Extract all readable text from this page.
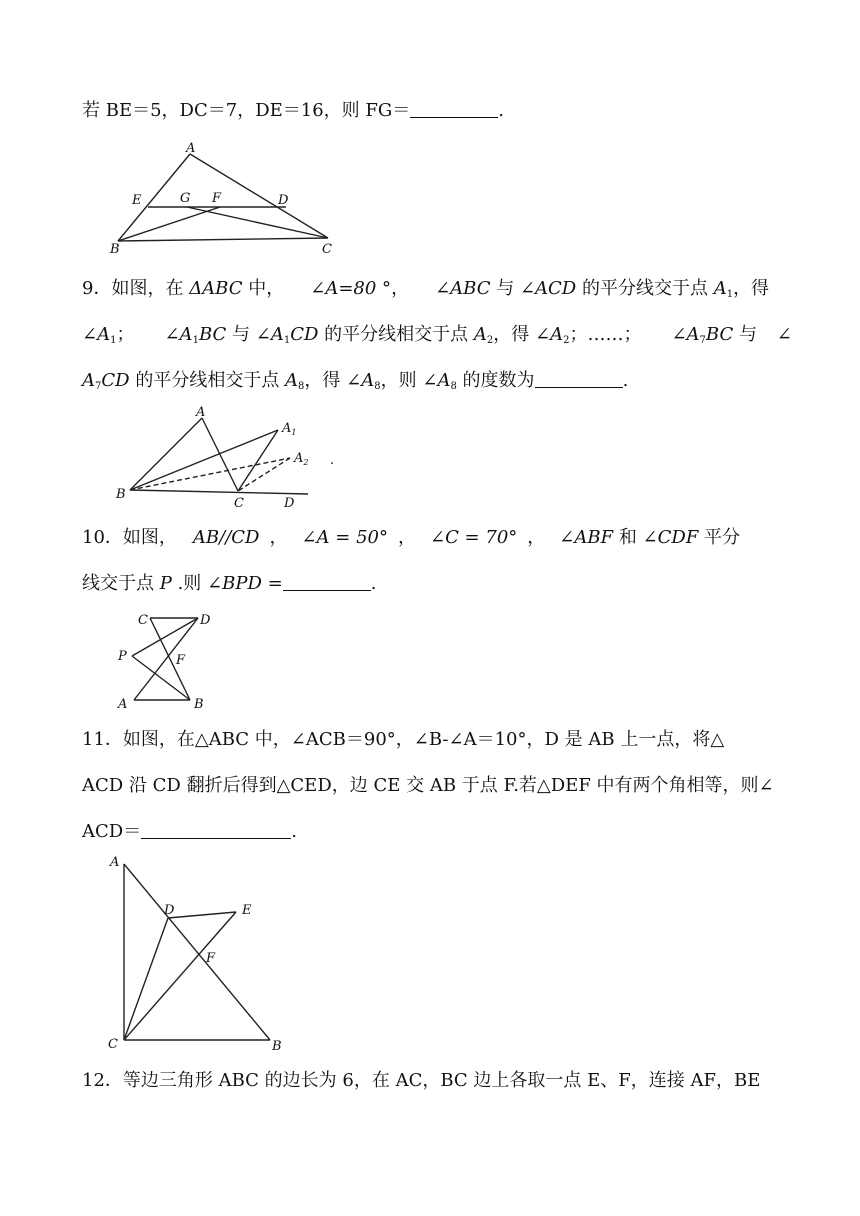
若 BE＝5，DC＝7，DE＝16，则 FG＝	.
A
B	C
D
E	F
G
9．如图，在 ΔABC 中， ∠A=80 °， ∠ABC 与 ∠ACD 的平分线交于点 $A_1$，得
$\angle A_1$； $\angle A_1BC$ 与 $\angle A_1CD$ 的平分线相交于点 $A_2$，得 $\angle A_2$；……； $\angle A_7BC$ 与 ∠
$A_7CD$ 的平分线相交于点 $A_8$，得 $\angle A_8$，则 $\angle A_8$ 的度数为	.
A
B
C	D
$A_1$
$A_2$ .
10．如图， AB//CD ， ∠A = 50° ， ∠C = 70° ， ∠ABF 和 ∠CDF 平分
线交于点 P .则 ∠BPD =	.
C	D
P	F
A	B
11．如图，在△ABC 中，∠ACB＝90°，∠B-∠A＝10°，D 是 AB 上一点，将△
ACD 沿 CD 翻折后得到△CED，边 CE 交 AB 于点 F.若△DEF 中有两个角相等，则∠
ACD＝	.
A
C	B
D	E
F
12．等边三角形 ABC 的边长为 6，在 AC，BC 边上各取一点 E、F，连接 AF，BE
